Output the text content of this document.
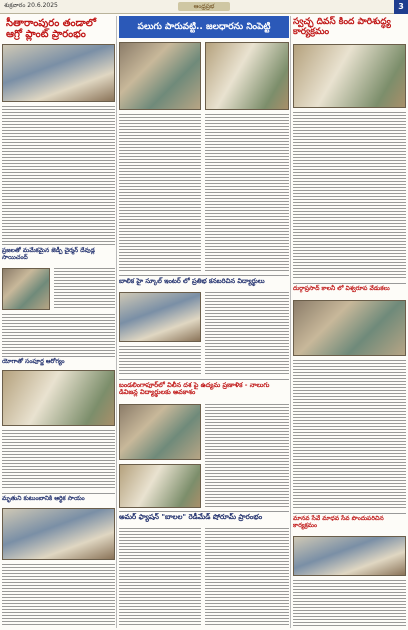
శుక్రవారం 20.6.2025	ఆంధ్రప్రభ	3
సీతారాంపురం తండాలో ఆగ్రో ప్లాంట్ ప్రారంభం
ప్రజలతో మమేకమైన జెడ్పీ చైర్మన్ దేవుడ్ల సాయిచంద్
యోగాతో సంపూర్ణ ఆరోగ్యం
మృతుని కుటుంబానికి ఆర్థిక సాయం
పలుగు పారువట్టి.. జలధారను నింపెట్టి
బాలిక హై స్కూల్ ఇంటర్ లో ప్రతిభ కనబరిచిన విద్యార్థులు
బండలింగాపూర్‌లో విలీన దశ పై ఉద్యమ ప్రణాళిక - నాలుగు డివిజన్ల విద్యార్థులకు అవకాశం
అమర్ ఫ్యాషన్ "బాలల" రెడీమేడ్ షోరూమ్ ప్రారంభం
స్వచ్ఛ దివస్‌ కింద పారిశుద్ధ్య కార్యక్రమం
దుర్గాప్రసాద్ కాలనీ లో విశ్వరూప వేడుకలు
మానవ సేవే మాధవ సేవ పొందుపరిచిన కార్యక్రమం
